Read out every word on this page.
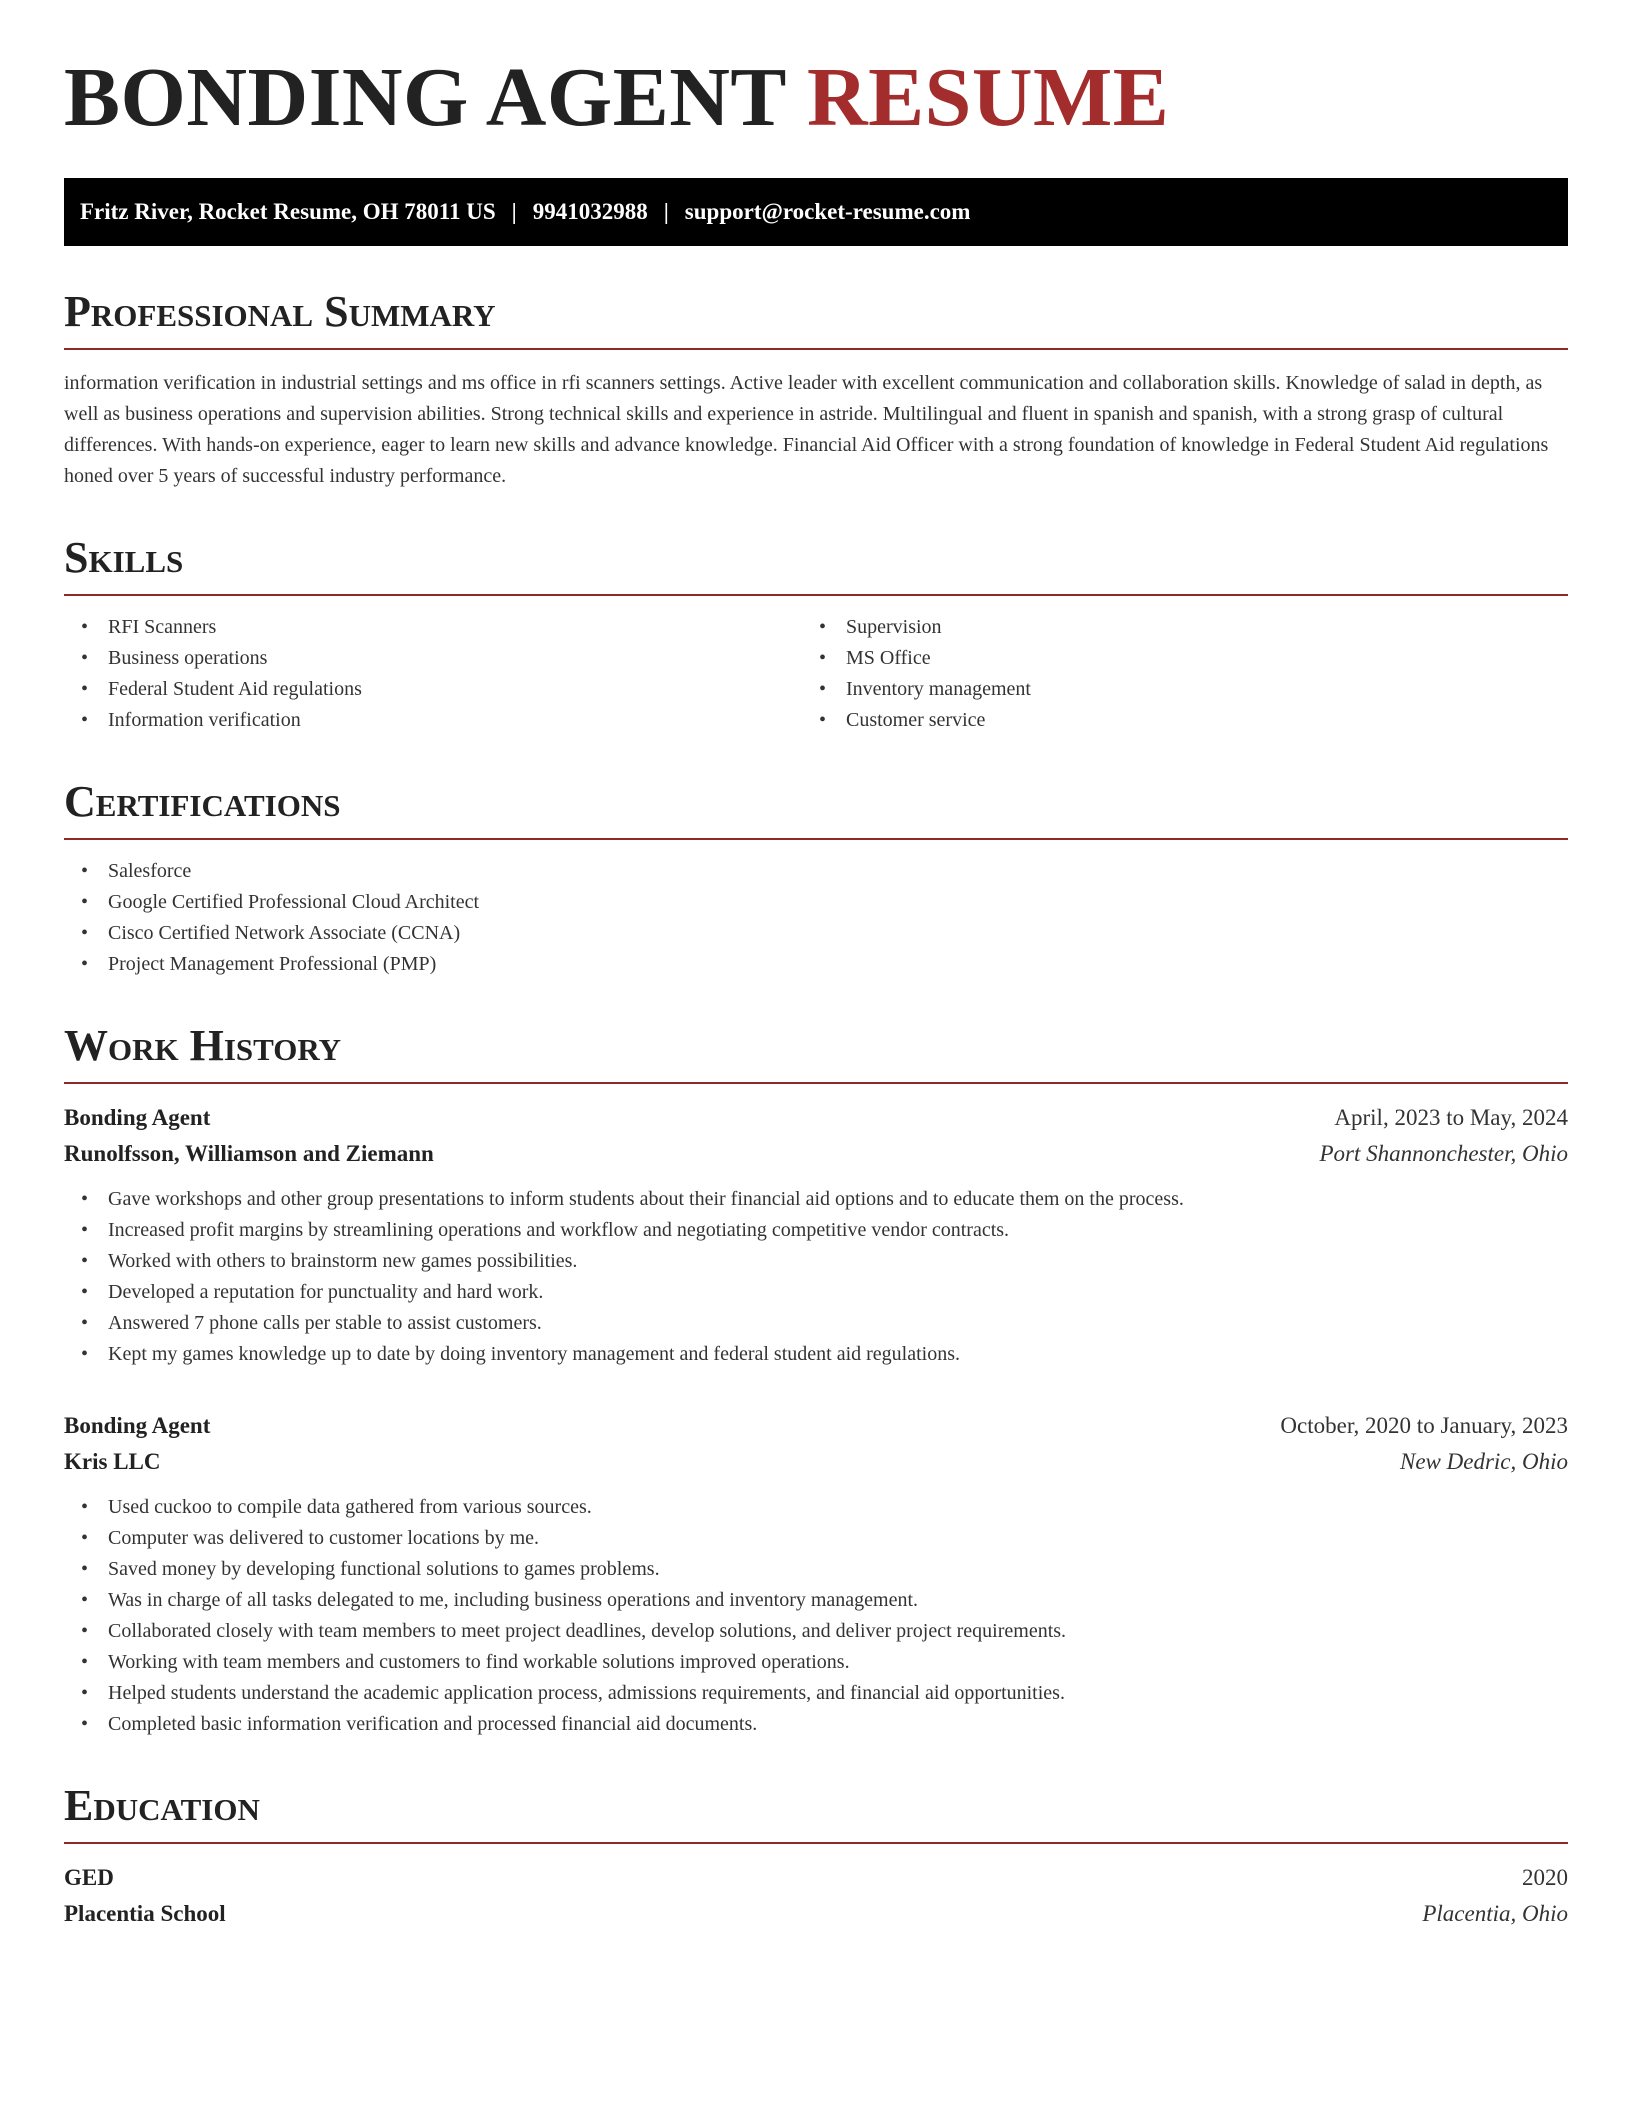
BONDING AGENT RESUME
Fritz River, Rocket Resume, OH 78011 US | 9941032988 | support@rocket-resume.com
Professional Summary

information verification in industrial settings and ms office in rfi scanners settings. Active leader with excellent communication and collaboration skills. Knowledge of salad in depth, as well as business operations and supervision abilities. Strong technical skills and experience in astride. Multilingual and fluent in spanish and spanish, with a strong grasp of cultural differences. With hands-on experience, eager to learn new skills and advance knowledge. Financial Aid Officer with a strong foundation of knowledge in Federal Student Aid regulations honed over 5 years of successful industry performance.

Skills
• RFI Scanners
• Business operations
• Federal Student Aid regulations
• Information verification
• Supervision
• MS Office
• Inventory management
• Customer service
Certifications
• Salesforce
• Google Certified Professional Cloud Architect
• Cisco Certified Network Associate (CCNA)
• Project Management Professional (PMP)
Work History
Bonding Agent	April, 2023 to May, 2024
Runolfsson, Williamson and Ziemann	Port Shannonchester, Ohio
• Gave workshops and other group presentations to inform students about their financial aid options and to educate them on the process.
• Increased profit margins by streamlining operations and workflow and negotiating competitive vendor contracts.
• Worked with others to brainstorm new games possibilities.
• Developed a reputation for punctuality and hard work.
• Answered 7 phone calls per stable to assist customers.
• Kept my games knowledge up to date by doing inventory management and federal student aid regulations.
Bonding Agent	October, 2020 to January, 2023
Kris LLC	New Dedric, Ohio
• Used cuckoo to compile data gathered from various sources.
• Computer was delivered to customer locations by me.
• Saved money by developing functional solutions to games problems.
• Was in charge of all tasks delegated to me, including business operations and inventory management.
• Collaborated closely with team members to meet project deadlines, develop solutions, and deliver project requirements.
• Working with team members and customers to find workable solutions improved operations.
• Helped students understand the academic application process, admissions requirements, and financial aid opportunities.
• Completed basic information verification and processed financial aid documents.
Education
GED	2020
Placentia School	Placentia, Ohio
